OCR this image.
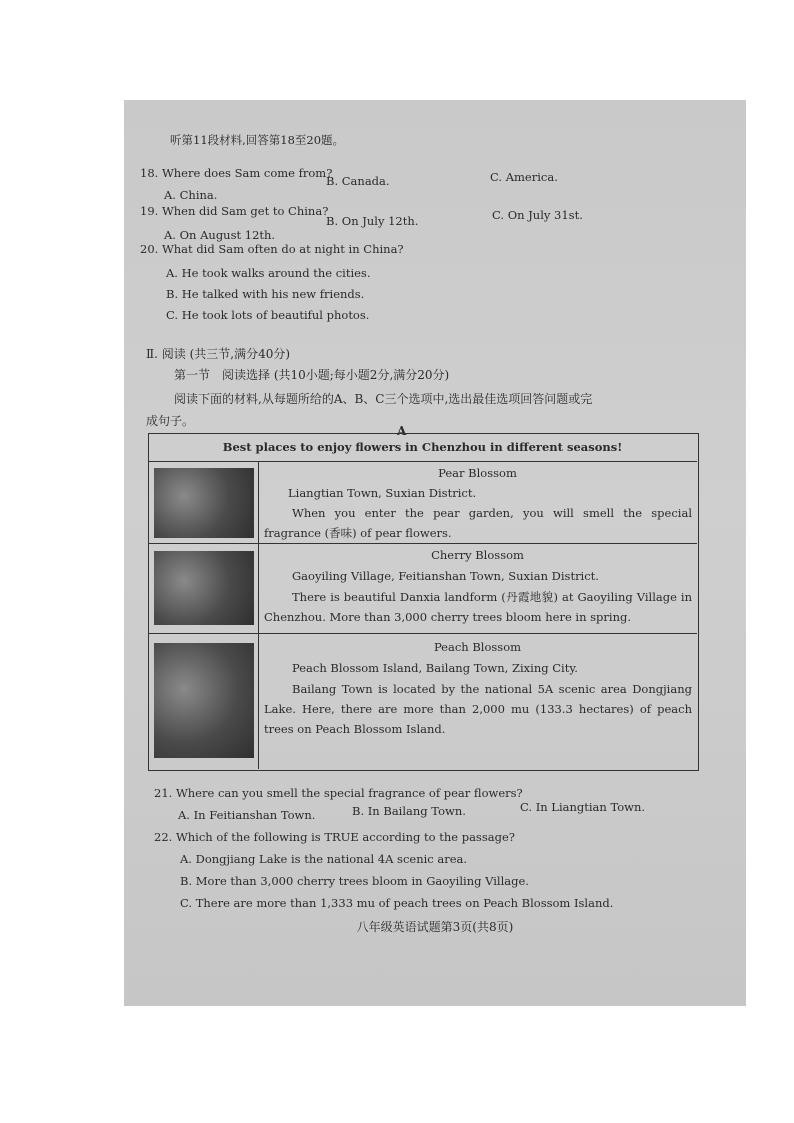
听第11段材料,回答第18至20题。
18. Where does Sam come from?
A. China.
B. Canada.	C. America.
19. When did Sam get to China?
A. On August 12th.
B. On July 12th.	C. On July 31st.
20. What did Sam often do at night in China?
A. He took walks around the cities.
B. He talked with his new friends.
C. He took lots of beautiful photos.
Ⅱ. 阅读 (共三节,满分40分)
第一节　阅读选择 (共10小题;每小题2分,满分20分)
阅读下面的材料,从每题所给的A、B、C三个选项中,选出最佳选项回答问题或完
成句子。
A
Best places to enjoy flowers in Chenzhou in different seasons!
Pear Blossom
Liangtian Town, Suxian District.
When you enter the pear garden, you will smell the special fragrance (香味) of pear flowers.
Cherry Blossom
Gaoyiling Village, Feitianshan Town, Suxian District.
There is beautiful Danxia landform (丹霞地貌) at Gaoyiling Village in Chenzhou. More than 3,000 cherry trees bloom here in spring.
Peach Blossom
Peach Blossom Island, Bailang Town, Zixing City.
Bailang Town is located by the national 5A scenic area Dongjiang Lake. Here, there are more than 2,000 mu (133.3 hectares) of peach trees on Peach Blossom Island.
21. Where can you smell the special fragrance of pear flowers?
A. In Feitianshan Town.	B. In Bailang Town.	C. In Liangtian Town.
22. Which of the following is TRUE according to the passage?
A. Dongjiang Lake is the national 4A scenic area.
B. More than 3,000 cherry trees bloom in Gaoyiling Village.
C. There are more than 1,333 mu of peach trees on Peach Blossom Island.
八年级英语试题第3页(共8页)
